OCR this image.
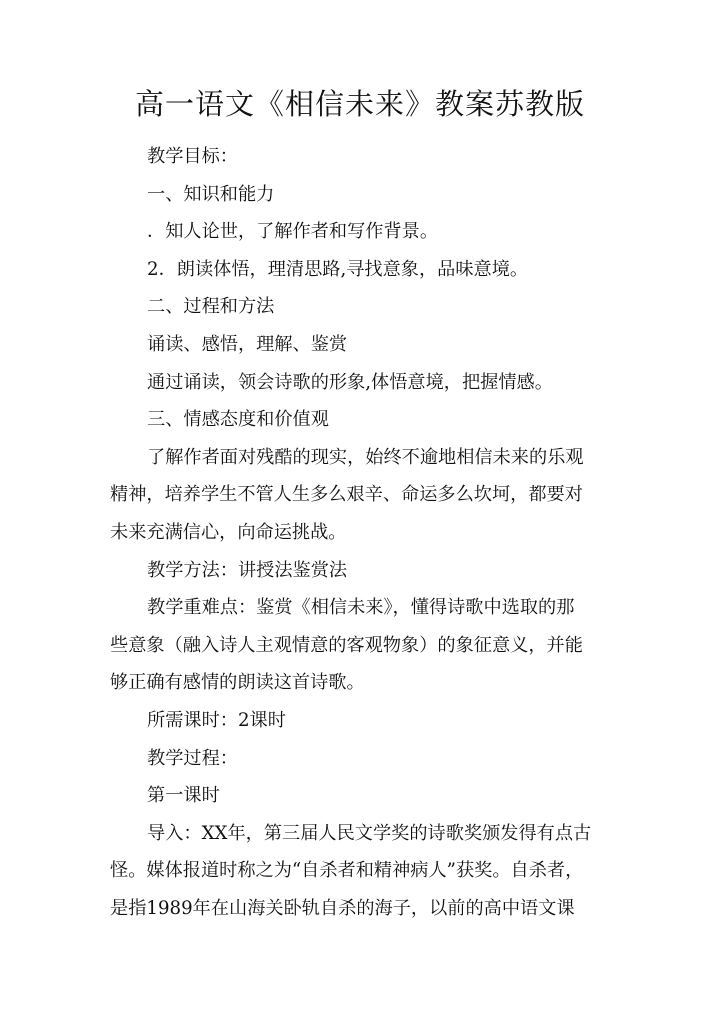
高一语文《相信未来》教案苏教版

教学目标：

一、知识和能力

．知人论世，了解作者和写作背景。

2．朗读体悟，理清思路,寻找意象，品味意境。

二、过程和方法

诵读、感悟，理解、鉴赏

通过诵读，领会诗歌的形象,体悟意境，把握情感。

三、情感态度和价值观

了解作者面对残酷的现实，始终不逾地相信未来的乐观

精神，培养学生不管人生多么艰辛、命运多么坎坷，都要对

未来充满信心，向命运挑战。

教学方法：讲授法鉴赏法

教学重难点：鉴赏《相信未来》，懂得诗歌中选取的那

些意象（融入诗人主观情意的客观物象）的象征意义，并能

够正确有感情的朗读这首诗歌。

所需课时：2课时

教学过程：

第一课时

导入：XX年，第三届人民文学奖的诗歌奖颁发得有点古

怪。媒体报道时称之为“自杀者和精神病人”获奖。自杀者，

是指1989年在山海关卧轨自杀的海子，以前的高中语文课
